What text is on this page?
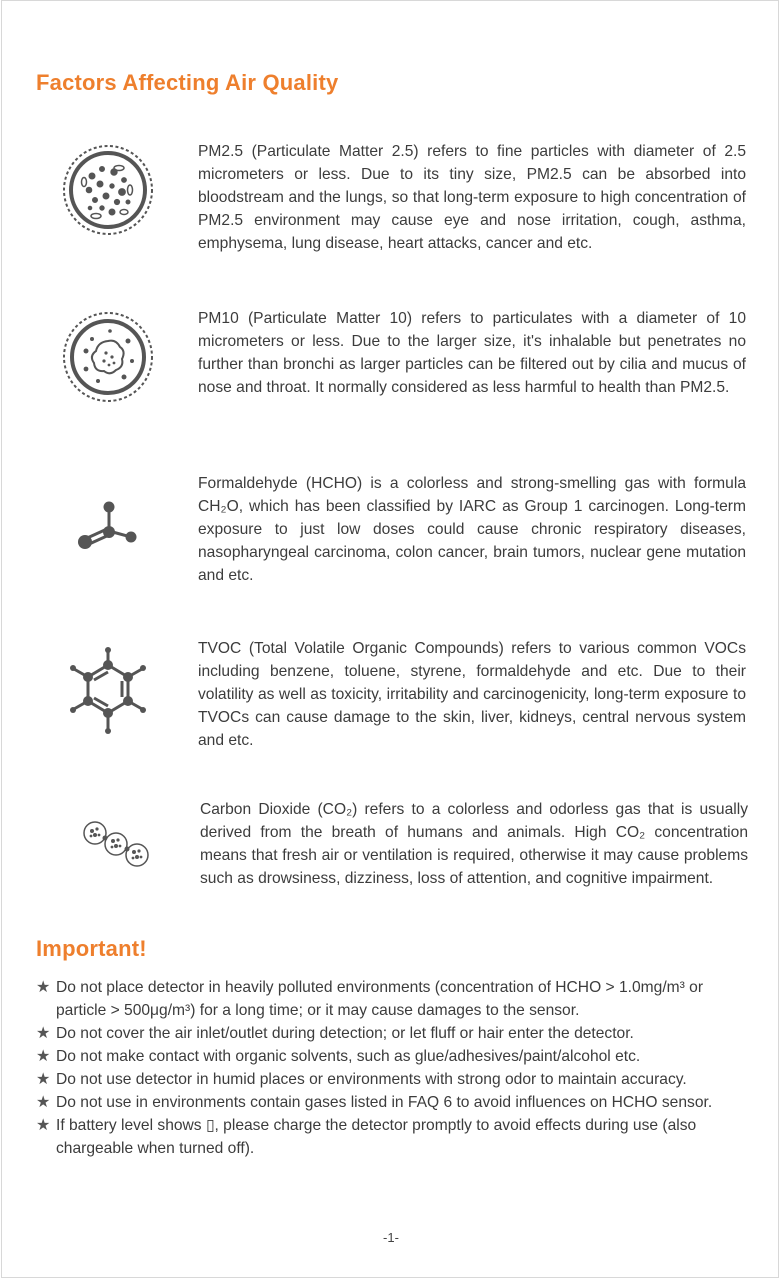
Factors Affecting Air Quality

PM2.5 (Particulate Matter 2.5) refers to fine particles with diameter of 2.5 micrometers or less. Due to its tiny size, PM2.5 can be absorbed into bloodstream and the lungs, so that long-term exposure to high concentration of PM2.5 environment may cause eye and nose irritation, cough, asthma, emphysema, lung disease, heart attacks, cancer and etc.

PM10 (Particulate Matter 10) refers to particulates with a diameter of 10 micrometers or less. Due to the larger size, it's inhalable but penetrates no further than bronchi as larger particles can be filtered out by cilia and mucus of nose and throat. It normally considered as less harmful to health than PM2.5.

Formaldehyde (HCHO) is a colorless and strong-smelling gas with formula CH₂O, which has been classified by IARC as Group 1 carcinogen. Long-term exposure to just low doses could cause chronic respiratory diseases, nasopharyngeal carcinoma, colon cancer, brain tumors, nuclear gene mutation and etc.

TVOC (Total Volatile Organic Compounds) refers to various common VOCs including benzene, toluene, styrene, formaldehyde and etc. Due to their volatility as well as toxicity, irritability and carcinogenicity, long-term exposure to TVOCs can cause damage to the skin, liver, kidneys, central nervous system and etc.

Carbon Dioxide (CO₂) refers to a colorless and odorless gas that is usually derived from the breath of humans and animals. High CO₂ concentration means that fresh air or ventilation is required, otherwise it may cause problems such as drowsiness, dizziness, loss of attention, and cognitive impairment.

Important!
★ Do not place detector in heavily polluted environments (concentration of HCHO > 1.0mg/m³ or particle > 500μg/m³) for a long time; or it may cause damages to the sensor.
★ Do not cover the air inlet/outlet during detection; or let fluff or hair enter the detector.
★ Do not make contact with organic solvents, such as glue/adhesives/paint/alcohol etc.
★ Do not use detector in humid places or environments with strong odor to maintain accuracy.
★ Do not use in environments contain gases listed in FAQ 6 to avoid influences on HCHO sensor.
★ If battery level shows ▯, please charge the detector promptly to avoid effects during use (also chargeable when turned off).
-1-
